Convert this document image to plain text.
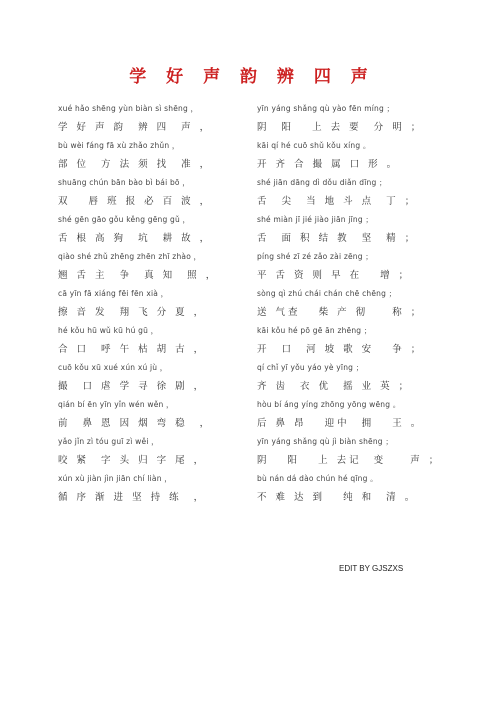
学 好 声 韵 辨 四 声
xué hǎo shēng yùn biàn sì shēng ，
学 好 声 韵  辨 四  声 ，
bù wèi fáng fā xù zhǎo zhǔn ，
部 位  方 法 须 找  准 ，
shuāng chún bān bào bì bái bō ，
双   唇 班 报 必 百 波 ，
shé gēn gāo gǒu kěng gēng gǔ ，
舌 根 高 狗  坑  耕 故 ，
qiào shé zhǔ zhēng zhēn zhī zhào ，
翘 舌 主  争  真 知  照 ，
cā yīn fā xiáng fēi fēn xià ，
擦 音 发  翔 飞 分 夏 ，
hé kǒu hū wǔ kū hú gū ，
合 口  呼 午 枯 胡 古 ，
cuō kǒu xū xué xún xú jù ，
撮  口 虐 学 寻 徐 剧 ，
qián bí ēn yīn yǐn wén wěn ，
前  鼻 恩 因 烟 弯 稳  ，
yǎo jǐn zì tóu guī zì wěi ，
咬 紧  字 头 归 字 尾 ，
xún xù jiàn jìn jiān chí liàn ，
循 序 渐 进 坚 持 练  ，
yīn yáng shǎng qù yào fēn míng ；
阴  阳   上 去 要  分 明 ；
kāi qí hé cuō shǔ kǒu xíng 。
开 齐 合 撮 属 口 形 。
shé jiān dāng dì dǒu diǎn dīng ；
舌  尖  当 地 斗 点  丁 ；
shé miàn jī jié jiào jiān jīng ；
舌  面 积 结 教  坚  精 ；
píng shé zī zé zǎo zài zēng ；
平 舌 资 则 早 在   增 ；
sòng qì zhú chái chán chē chēng ；
送 气查   柴 产 彻    称 ；
kāi kǒu hé pō gē ān zhēng ；
开  口  河 坡 歌 安   争 ；
qí chǐ yī yǒu yáo yè yīng ；
齐 齿  衣 优  摇 业 英 ；
hòu bí áng yíng zhōng yōng wēng 。
后 鼻 昂   迎中  拥   王 。
yīn yáng shǎng qù jì biàn shēng ；
阴   阳   上 去记  变    声 ；
bù nán dá dào chún hé qīng 。
不 难 达 到   纯 和  清 。
EDIT BY GJSZXS
